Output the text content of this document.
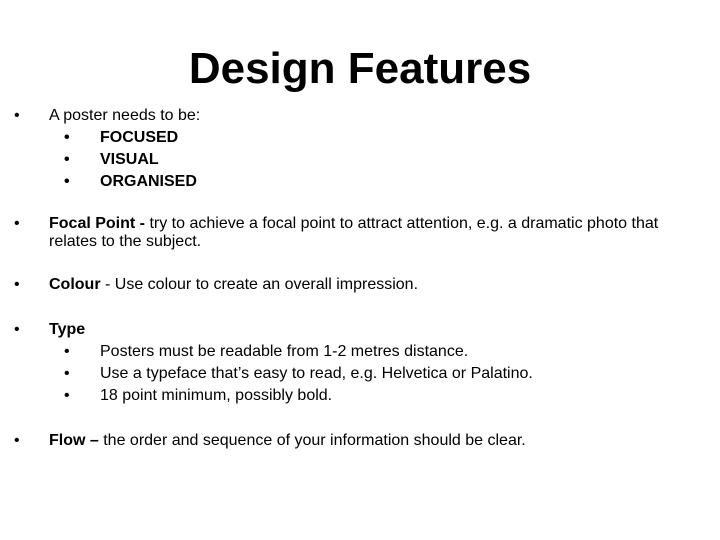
Design Features
• A poster needs to be:
• FOCUSED
• VISUAL
• ORGANISED
• Focal Point - try to achieve a focal point to attract attention, e.g. a dramatic photo that relates to the subject.
• Colour - Use colour to create an overall impression.
• Type
• Posters must be readable from 1-2 metres distance.
• Use a typeface that’s easy to read, e.g. Helvetica or Palatino.
• 18 point minimum, possibly bold.
• Flow – the order and sequence of your information should be clear.
